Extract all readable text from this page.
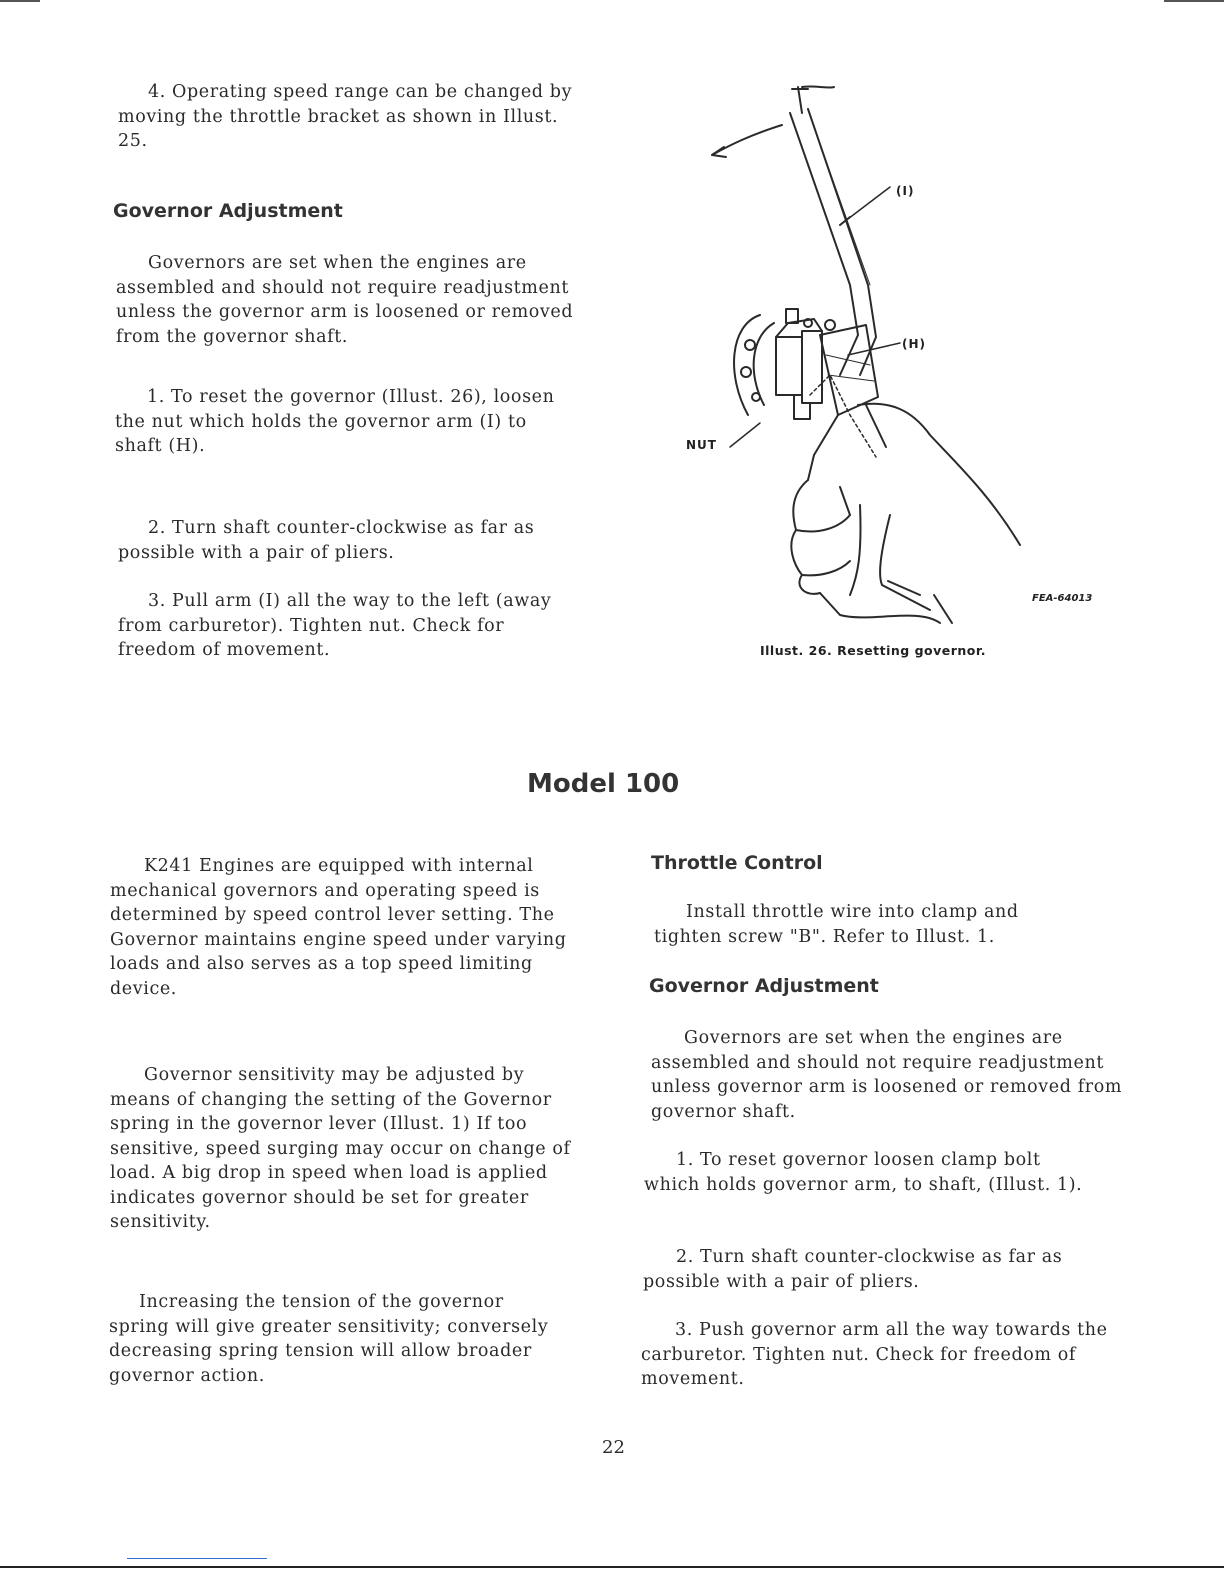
4. Operating speed range can be changed by moving the throttle bracket as shown in Illust. 25.

Governor Adjustment

Governors are set when the engines are assembled and should not require readjustment unless the governor arm is loosened or removed from the governor shaft.

1. To reset the governor (Illust. 26), loosen the nut which holds the governor arm (I) to shaft (H).

2. Turn shaft counter-clockwise as far as possible with a pair of pliers.

3. Pull arm (I) all the way to the left (away from carburetor). Tighten nut. Check for freedom of movement.

(I)
(H)
NUT
FEA-64013
Illust. 26. Resetting governor.
Model 100

K241 Engines are equipped with internal mechanical governors and operating speed is determined by speed control lever setting. The Governor maintains engine speed under varying loads and also serves as a top speed limiting device.

Governor sensitivity may be adjusted by means of changing the setting of the Governor spring in the governor lever (Illust. 1) If too sensitive, speed surging may occur on change of load. A big drop in speed when load is applied indicates governor should be set for greater sensitivity.

Increasing the tension of the governor spring will give greater sensitivity; conversely decreasing spring tension will allow broader governor action.

Throttle Control

Install throttle wire into clamp and tighten screw "B". Refer to Illust. 1.

Governor Adjustment

Governors are set when the engines are assembled and should not require readjustment unless governor arm is loosened or removed from governor shaft.

1. To reset governor loosen clamp bolt which holds governor arm, to shaft, (Illust. 1).

2. Turn shaft counter-clockwise as far as possible with a pair of pliers.

3. Push governor arm all the way towards the carburetor. Tighten nut. Check for freedom of movement.

22
